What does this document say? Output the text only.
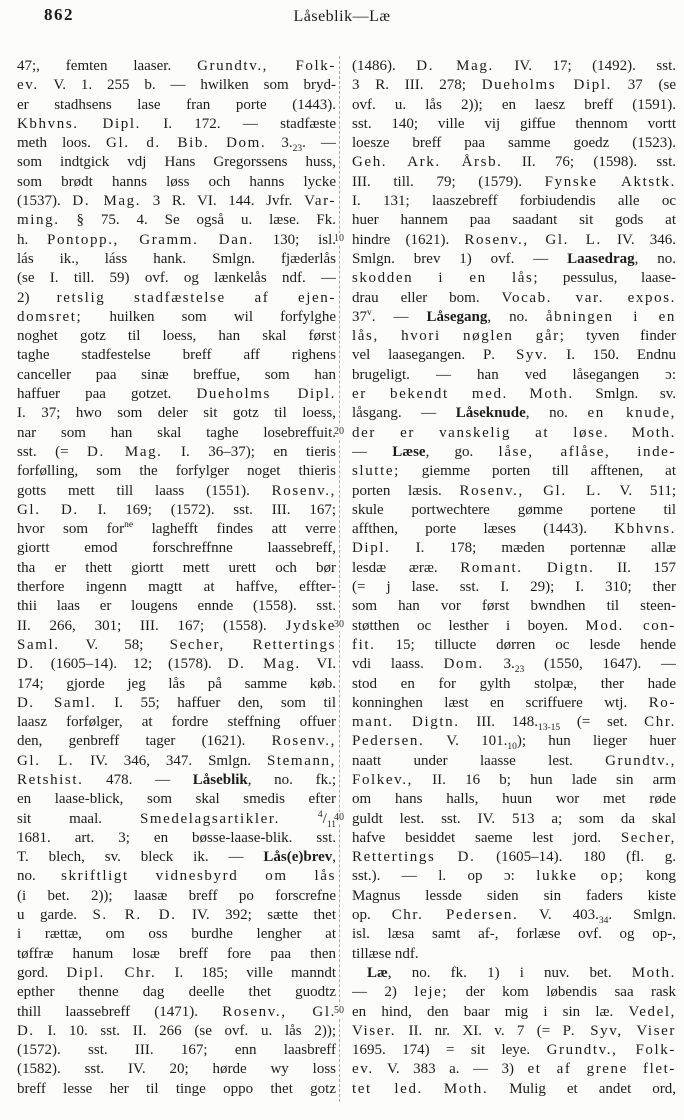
862	Låseblik—Læ
10
20
30
40
50
47;, femten laaser. Grundtv., Folk-
ev. V. 1. 255 b. — hwilken som bryd-
er stadhsens lase fran porte (1443).
Kbhvns. Dipl. I. 172. — stadfæste
meth loos. Gl. d. Bib. Dom. $3._{23}$. —
som indtgick vdj Hans Gregorssens huss,
som brødt hanns løss och hanns lycke
(1537). D. Mag. 3 R. VI. 144. Jvfr. Var-
ming. § 75. 4. Se også u. læse. Fk.
h. Pontopp., Gramm. Dan. 130; isl.
lás ik., láss hank. Smlgn. fjæderlås
(se I. till. 59) ovf. og lænkelås ndf. —
2) retslig stadfæstelse af ejen-
domsret; huilken som wil forfylghe
noghet gotz til loess, han skal først
taghe stadfestelse breff aff righens
canceller paa sinæ breffue, som han
haffuer paa gotzet. Dueholms Dipl.
I. 37; hwo som deler sit gotz til loess,
nar som han skal taghe losebreffuit.
sst. (= D. Mag. I. 36–37); en tieris
forfølling, som the forfylger noget thieris
gotts mett till laass (1551). Rosenv.,
Gl. D. I. 169; (1572). sst. III. 167;
hvor som for$^{ne}$ laghefft findes att verre
giortt emod forschreffnne laassebreff,
tha er thett giortt mett urett och bør
therfore ingenn magtt at haffve, effter-
thii laas er lougens ennde (1558). sst.
II. 266, 301; III. 167; (1558). Jydske
Saml. V. 58; Secher, Rettertings
D. (1605–14). 12; (1578). D. Mag. VI.
174; gjorde jeg lås på samme køb.
D. Saml. I. 55; haffuer den, som til
laasz forfølger, at fordre steffning offuer
den, genbreff tager (1621). Rosenv.,
Gl. L. IV. 346, 347. Smlgn. Stemann,
Retshist. 478. — Låseblik, no. fk.;
en laase-blick, som skal smedis efter
sit maal. Smedelagsartikler.	$^4/_{11}$
1681. art. 3; en bøsse-laase-blik. sst.
T. blech, sv. bleck ik. — Lås(e)brev,
no. skriftligt vidnesbyrd om lås
(i bet. 2)); laasæ breff po forscrefne
u garde. S. R. D. IV. 392; sætte thet
i rættæ, om oss burdhe lengher at
tøffræ hanum losæ breff fore paa then
gord. Dipl. Chr. I. 185; ville manndt
epther thenne dag deelle thet guodtz
thill laassebreff (1471). Rosenv., Gl.
D. I. 10. sst. II. 266 (se ovf. u. lås 2));
(1572). sst. III. 167; enn laasbreff
(1582). sst. IV. 20; hørde wy loss
breff lesse her til tinge oppo thet gotz
(1486). D. Mag. IV. 17; (1492). sst.
3 R. III. 278; Dueholms Dipl. 37 (se
ovf. u. lås 2)); en laesz breff (1591).
sst. 140; ville vij giffue thennom vortt
loesze breff paa samme goedz (1523).
Geh. Ark. Årsb. II. 76; (1598). sst.
III. till. 79; (1579). Fynske Aktstk.
I. 131; laaszebreff forbiudendis alle oc
huer hannem paa saadant sit gods at
hindre (1621). Rosenv., Gl. L. IV. 346.
Smlgn. brev 1) ovf. — Laasedrag, no.
skodden i en lås; pessulus, laase-
drau eller bom. Vocab. var. expos.
37$^v$. — Låsegang, no. åbningen i en
lås, hvori nøglen går; tyven finder
vel laasegangen. P. Syv. I. 150. Endnu
brugeligt. — han ved låsegangen ɔ:
er bekendt med. Moth. Smlgn. sv.
låsgang. — Låseknude, no. en knude,
der er vanskelig at løse. Moth.
— Læse, go. låse, aflåse, inde-
slutte; giemme porten till afftenen, at
porten læsis. Rosenv., Gl. L. V. 511;
skule portwechtere gømme portene til
affthen, porte læses (1443). Kbhvns.
Dipl. I. 178; mæden portennæ allæ
lesdæ æræ. Romant. Digtn. II. 157
(= j lase. sst. I. 29); I. 310; ther
som han vor først bwndhen til steen-
støtthen oc lesther i boyen. Mod. con-
fit. 15; tillucte dørren oc lesde hende
vdi laass. Dom. $3._{23}$ (1550, 1647). —
stod en for gylth stolpæ, ther hade
konninghen læst en scriffuere wtj. Ro-
mant. Digtn. III. $148._{13-15}$ (= set. Chr.
Pedersen. V. $101._{10}$); hun lieger huer
naatt under laasse lest. Grundtv.,
Folkev., II. 16 b; hun lade sin arm
om hans halls, huun wor met røde
guldt lest. sst. IV. 513 a; som da skal
hafve besiddet saeme lest jord. Secher,
Rettertings D. (1605–14). 180 (fl. g.
sst.). — l. op ɔ: lukke op; kong
Magnus lessde siden sin faders kiste
op. Chr. Pedersen. V. $403._{34}$. Smlgn.
isl. læsa samt af-, forlæse ovf. og op-,
tillæse ndf.
 Læ, no. fk. 1) i nuv. bet. Moth.
— 2) leje; der kom løbendis saa rask
en hind, den baar mig i sin læ. Vedel,
Viser. II. nr. XI. v. 7 (= P. Syv, Viser
1695. 174) = sit leye. Grundtv., Folk-
ev. V. 383 a. — 3) et af grene flet-
tet led. Moth. Mulig et andet ord,
